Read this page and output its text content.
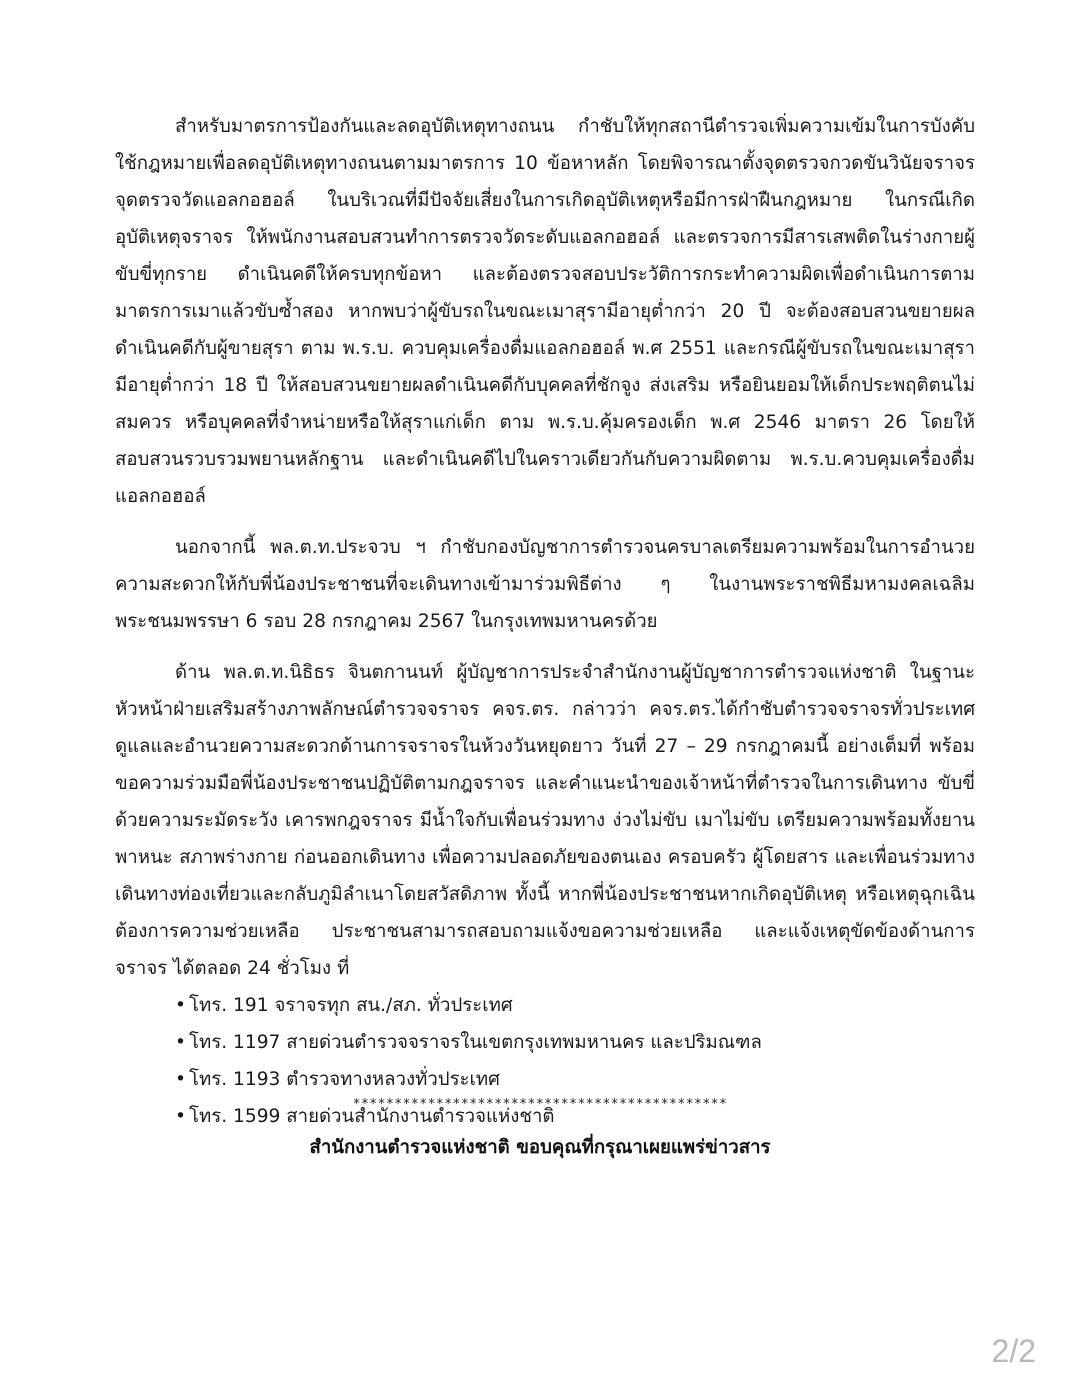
สำหรับมาตรการป้องกันและลดอุบัติเหตุทางถนน กำชับให้ทุกสถานีตำรวจเพิ่มความเข้มในการบังคับใช้กฎหมายเพื่อลดอุบัติเหตุทางถนนตามมาตรการ 10 ข้อหาหลัก โดยพิจารณาตั้งจุดตรวจกวดขันวินัยจราจร จุดตรวจวัดแอลกอฮอล์ ในบริเวณที่มีปัจจัยเสี่ยงในการเกิดอุบัติเหตุหรือมีการฝ่าฝืนกฎหมาย ในกรณีเกิดอุบัติเหตุจราจร ให้พนักงานสอบสวนทำการตรวจวัดระดับแอลกอฮอล์ และตรวจการมีสารเสพติดในร่างกายผู้ขับขี่ทุกราย ดำเนินคดีให้ครบทุกข้อหา และต้องตรวจสอบประวัติการกระทำความผิดเพื่อดำเนินการตามมาตรการเมาแล้วขับซ้ำสอง หากพบว่าผู้ขับรถในขณะเมาสุรามีอายุต่ำกว่า 20 ปี จะต้องสอบสวนขยายผลดำเนินคดีกับผู้ขายสุรา ตาม พ.ร.บ. ควบคุมเครื่องดื่มแอลกอฮอล์ พ.ศ 2551 และกรณีผู้ขับรถในขณะเมาสุรามีอายุต่ำกว่า 18 ปี ให้สอบสวนขยายผลดำเนินคดีกับบุคคลที่ชักจูง ส่งเสริม หรือยินยอมให้เด็กประพฤติตนไม่สมควร หรือบุคคลที่จำหน่ายหรือให้สุราแก่เด็ก ตาม พ.ร.บ.คุ้มครองเด็ก พ.ศ 2546 มาตรา 26 โดยให้สอบสวนรวบรวมพยานหลักฐาน และดำเนินคดีไปในคราวเดียวกันกับความผิดตาม พ.ร.บ.ควบคุมเครื่องดื่มแอลกอฮอล์

นอกจากนี้ พล.ต.ท.ประจวบ ฯ กำชับกองบัญชาการตำรวจนครบาลเตรียมความพร้อมในการอำนวยความสะดวกให้กับพี่น้องประชาชนที่จะเดินทางเข้ามาร่วมพิธีต่าง ๆ ในงานพระราชพิธีมหามงคลเฉลิมพระชนมพรรษา 6 รอบ 28 กรกฎาคม 2567 ในกรุงเทพมหานครด้วย

ด้าน พล.ต.ท.นิธิธร จินตกานนท์ ผู้บัญชาการประจำสำนักงานผู้บัญชาการตำรวจแห่งชาติ ในฐานะหัวหน้าฝ่ายเสริมสร้างภาพลักษณ์ตำรวจจราจร คจร.ตร. กล่าวว่า คจร.ตร.ได้กำชับตำรวจจราจรทั่วประเทศ ดูแลและอำนวยความสะดวกด้านการจราจรในห้วงวันหยุดยาว วันที่ 27 – 29 กรกฎาคมนี้ อย่างเต็มที่ พร้อมขอความร่วมมือพี่น้องประชาชนปฏิบัติตามกฎจราจร และคำแนะนำของเจ้าหน้าที่ตำรวจในการเดินทาง ขับขี่ด้วยความระมัดระวัง เคารพกฎจราจร มีน้ำใจกับเพื่อนร่วมทาง ง่วงไม่ขับ เมาไม่ขับ เตรียมความพร้อมทั้งยานพาหนะ สภาพร่างกาย ก่อนออกเดินทาง เพื่อความปลอดภัยของตนเอง ครอบครัว ผู้โดยสาร และเพื่อนร่วมทาง เดินทางท่องเที่ยวและกลับภูมิลำเนาโดยสวัสดิภาพ ทั้งนี้ หากพี่น้องประชาชนหากเกิดอุบัติเหตุ หรือเหตุฉุกเฉินต้องการความช่วยเหลือ ประชาชนสามารถสอบถามแจ้งขอความช่วยเหลือ และแจ้งเหตุขัดข้องด้านการจราจร ได้ตลอด 24 ชั่วโมง ที่

• โทร. 191 จราจรทุก สน./สภ. ทั่วประเทศ
• โทร. 1197 สายด่วนตำรวจจราจรในเขตกรุงเทพมหานคร และปริมณฑล
• โทร. 1193 ตำรวจทางหลวงทั่วประเทศ
• โทร. 1599 สายด่วนสำนักงานตำรวจแห่งชาติ
*********************************************
สำนักงานตำรวจแห่งชาติ ขอบคุณที่กรุณาเผยแพร่ข่าวสาร
2/2
